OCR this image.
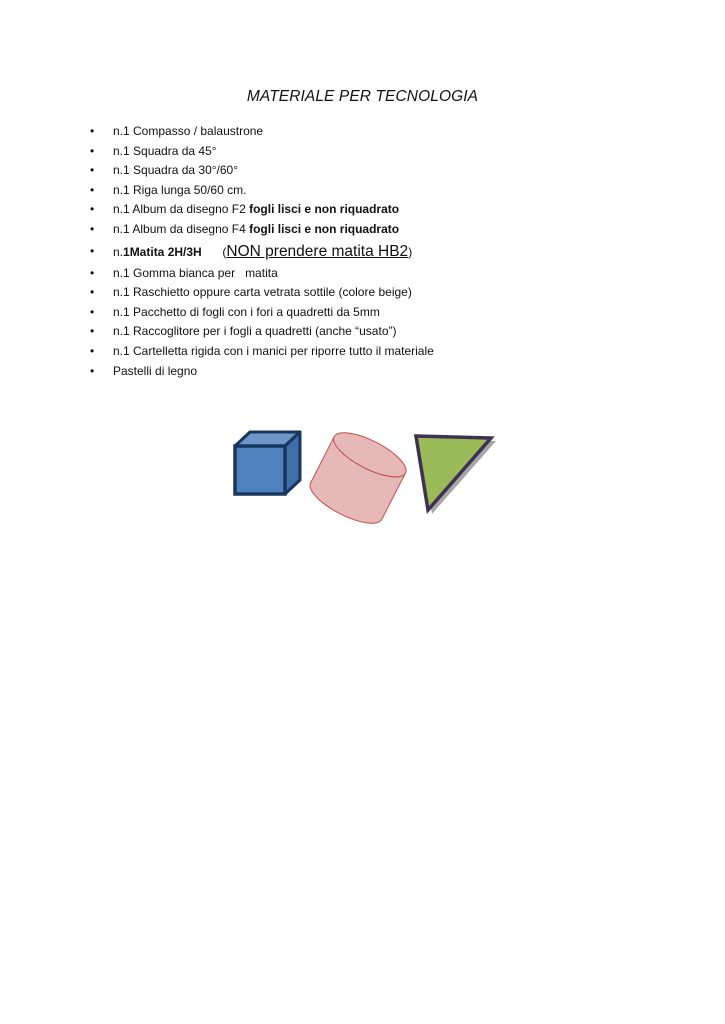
MATERIALE PER TECNOLOGIA
• n.1 Compasso / balaustrone
• n.1 Squadra da 45°
• n.1 Squadra da 30°/60°
• n.1 Riga lunga 50/60 cm.
• n.1 Album da disegno F2 fogli lisci e non riquadrato
• n.1 Album da disegno F4 fogli lisci e non riquadrato
• n.1Matita 2H/3H (NON prendere matita HB2)
• n.1 Gomma bianca per   matita
• n.1 Raschietto oppure carta vetrata sottile (colore beige)
• n.1 Pacchetto di fogli con i fori a quadretti da 5mm
• n.1 Raccoglitore per i fogli a quadretti (anche “usato”)
• n.1 Cartelletta rigida con i manici per riporre tutto il materiale
• Pastelli di legno
